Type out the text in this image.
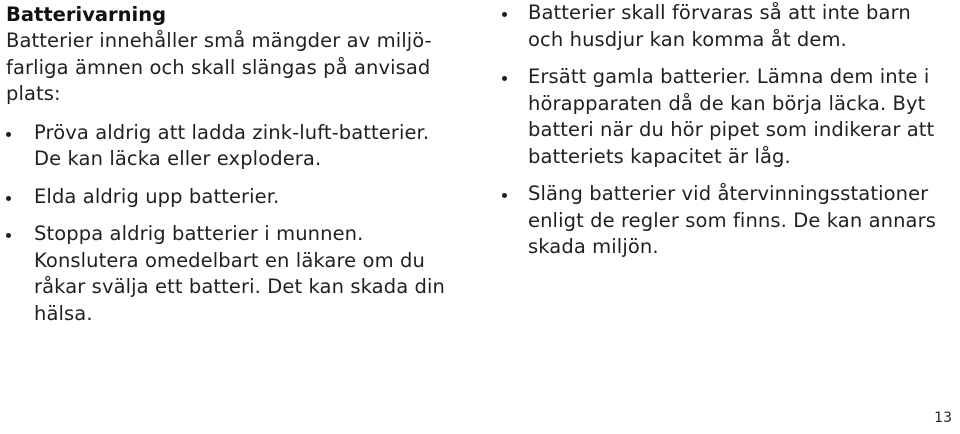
Batterivarning
Batterier innehåller små mängder av miljö-
farliga ämnen och skall slängas på anvisad
plats:
Pröva aldrig att ladda zink-luft-batterier.
De kan läcka eller explodera.
Elda aldrig upp batterier.
Stoppa aldrig batterier i munnen.
Konslutera omedelbart en läkare om du
råkar svälja ett batteri. Det kan skada din
hälsa.
Batterier skall förvaras så att inte barn
och husdjur kan komma åt dem.
Ersätt gamla batterier. Lämna dem inte i
hörapparaten då de kan börja läcka. Byt
batteri när du hör pipet som indikerar att
batteriets kapacitet är låg.
Släng batterier vid återvinningsstationer
enligt de regler som finns. De kan annars
skada miljön.
13
